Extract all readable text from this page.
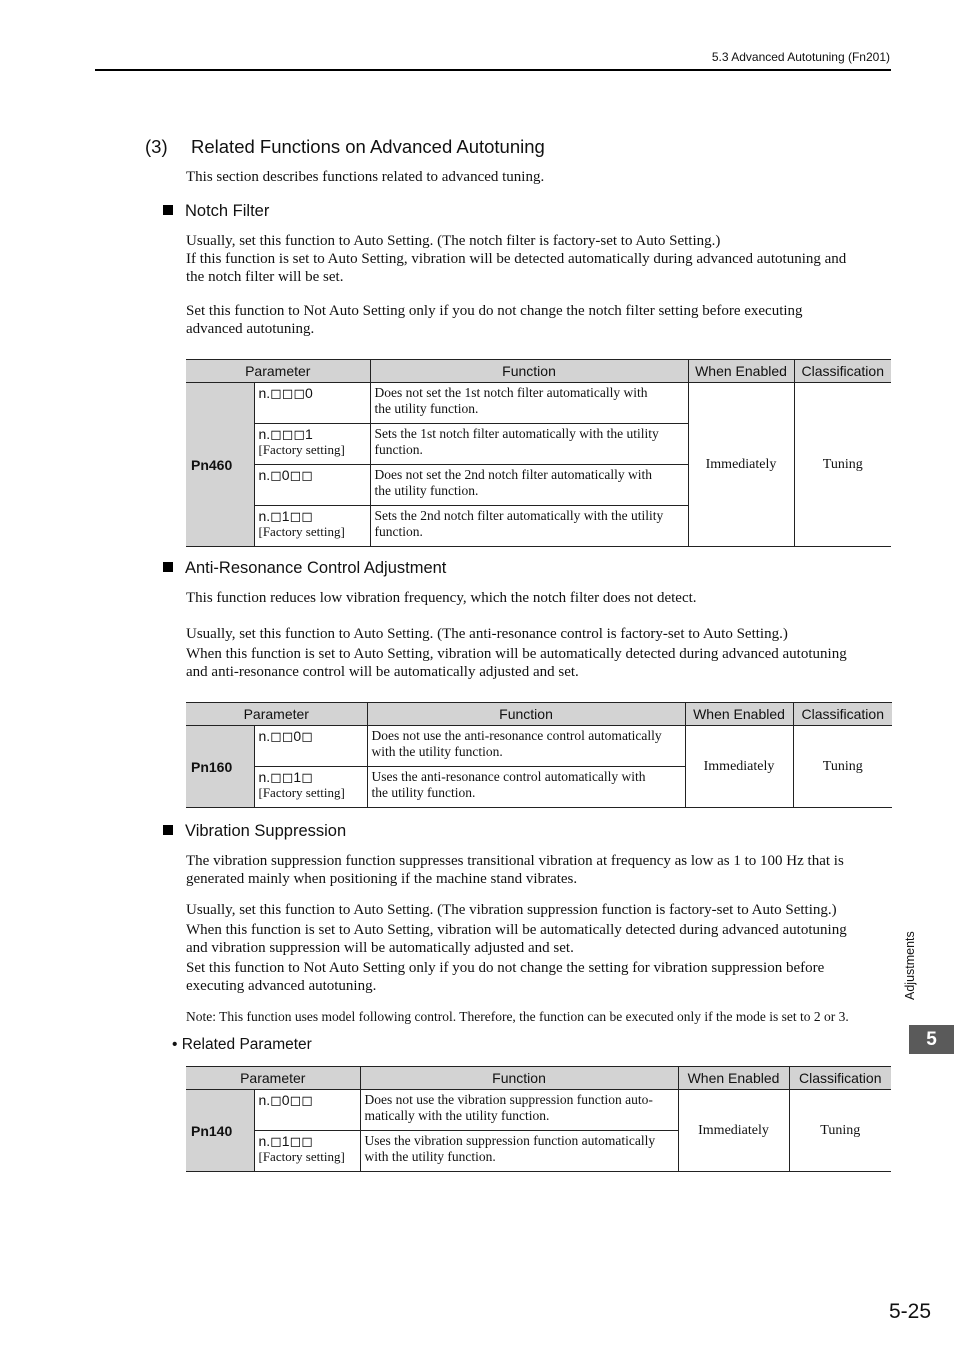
5.3 Advanced Autotuning (Fn201)
(3) Related Functions on Advanced Autotuning
This section describes functions related to advanced tuning.
Notch Filter
Usually, set this function to Auto Setting. (The notch filter is factory-set to Auto Setting.)
If this function is set to Auto Setting, vibration will be detected automatically during advanced autotuning and
the notch filter will be set.
Set this function to Not Auto Setting only if you do not change the notch filter setting before executing
advanced autotuning.
Parameter		Function	When Enabled	Classification
Pn460	n.◻◻◻0	Does not set the 1st notch filter automatically with
the utility function.	Immediately	Tuning

	n.◻◻◻1
[Factory setting]	Sets the 1st notch filter automatically with the utility
function.		

	n.◻0◻◻	Does not set the 2nd notch filter automatically with
the utility function.		

	n.◻1◻◻
[Factory setting]	Sets the 2nd notch filter automatically with the utility
function.		
Anti-Resonance Control Adjustment
This function reduces low vibration frequency, which the notch filter does not detect.
Usually, set this function to Auto Setting. (The anti-resonance control is factory-set to Auto Setting.)
When this function is set to Auto Setting, vibration will be automatically detected during advanced autotuning
and anti-resonance control will be automatically adjusted and set.
Parameter		Function	When Enabled	Classification
Pn160	n.◻◻0◻	Does not use the anti-resonance control automatically
with the utility function.	Immediately	Tuning

	n.◻◻1◻
[Factory setting]	Uses the anti-resonance control automatically with
the utility function.		
Vibration Suppression
The vibration suppression function suppresses transitional vibration at frequency as low as 1 to 100 Hz that is
generated mainly when positioning if the machine stand vibrates.
Usually, set this function to Auto Setting. (The vibration suppression function is factory-set to Auto Setting.)
When this function is set to Auto Setting, vibration will be automatically detected during advanced autotuning
and vibration suppression will be automatically adjusted and set.
Set this function to Not Auto Setting only if you do not change the setting for vibration suppression before
executing advanced autotuning.
Note: This function uses model following control. Therefore, the function can be executed only if the mode is set to 2 or 3.
• Related Parameter
Parameter		Function	When Enabled	Classification
Pn140	n.◻0◻◻	Does not use the vibration suppression function auto-
matically with the utility function.	Immediately	Tuning

	n.◻1◻◻
[Factory setting]	Uses the vibration suppression function automatically
with the utility function.		
Adjustments
5
5-25
